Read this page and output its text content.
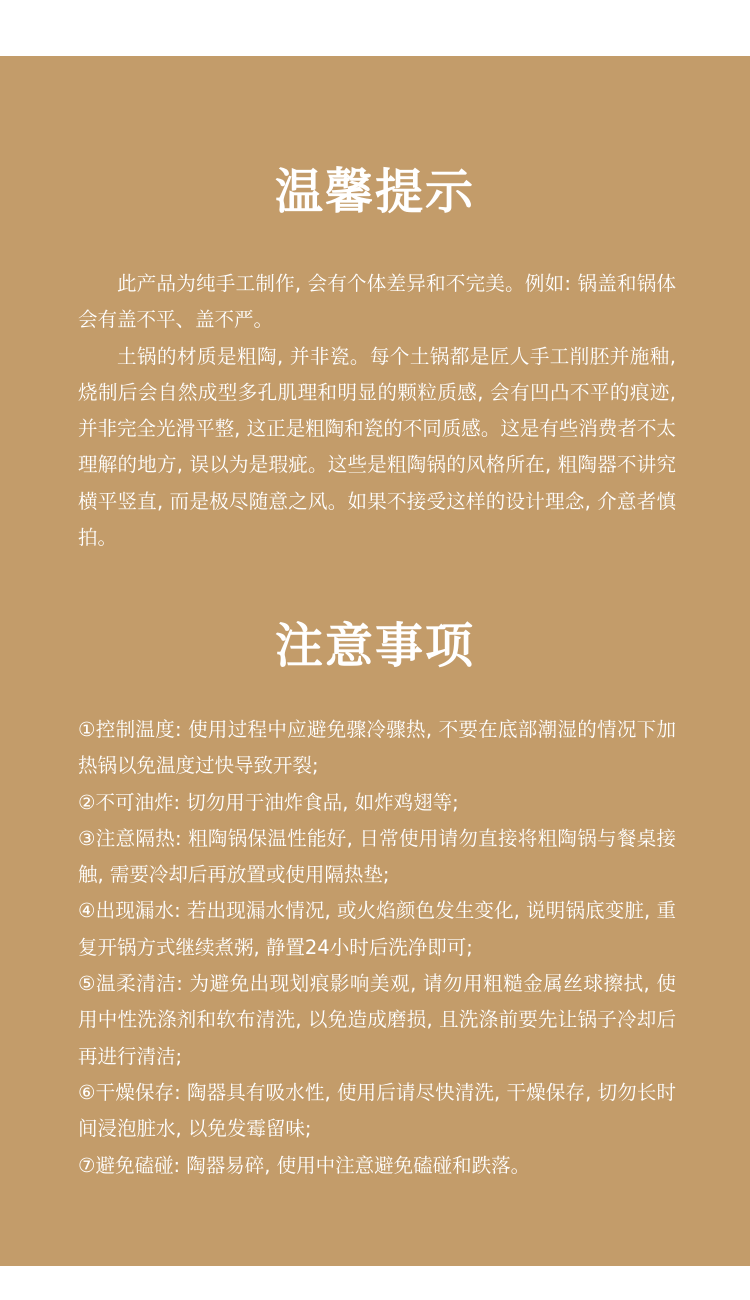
温馨提示

此产品为纯手工制作, 会有个体差异和不完美。例如: 锅盖和锅体会有盖不平、盖不严。

土锅的材质是粗陶, 并非瓷。每个土锅都是匠人手工削胚并施釉, 烧制后会自然成型多孔肌理和明显的颗粒质感, 会有凹凸不平的痕迹, 并非完全光滑平整, 这正是粗陶和瓷的不同质感。这是有些消费者不太理解的地方, 误以为是瑕疵。这些是粗陶锅的风格所在, 粗陶器不讲究横平竖直, 而是极尽随意之风。如果不接受这样的设计理念, 介意者慎拍。

注意事项

①控制温度: 使用过程中应避免骤冷骤热, 不要在底部潮湿的情况下加热锅以免温度过快导致开裂;

②不可油炸: 切勿用于油炸食品, 如炸鸡翅等;

③注意隔热: 粗陶锅保温性能好, 日常使用请勿直接将粗陶锅与餐桌接触, 需要冷却后再放置或使用隔热垫;

④出现漏水: 若出现漏水情况, 或火焰颜色发生变化, 说明锅底变脏, 重复开锅方式继续煮粥, 静置24小时后洗净即可;

⑤温柔清洁: 为避免出现划痕影响美观, 请勿用粗糙金属丝球擦拭, 使用中性洗涤剂和软布清洗, 以免造成磨损, 且洗涤前要先让锅子冷却后再进行清洁;

⑥干燥保存: 陶器具有吸水性, 使用后请尽快清洗, 干燥保存, 切勿长时间浸泡脏水, 以免发霉留味;

⑦避免磕碰: 陶器易碎, 使用中注意避免磕碰和跌落。
